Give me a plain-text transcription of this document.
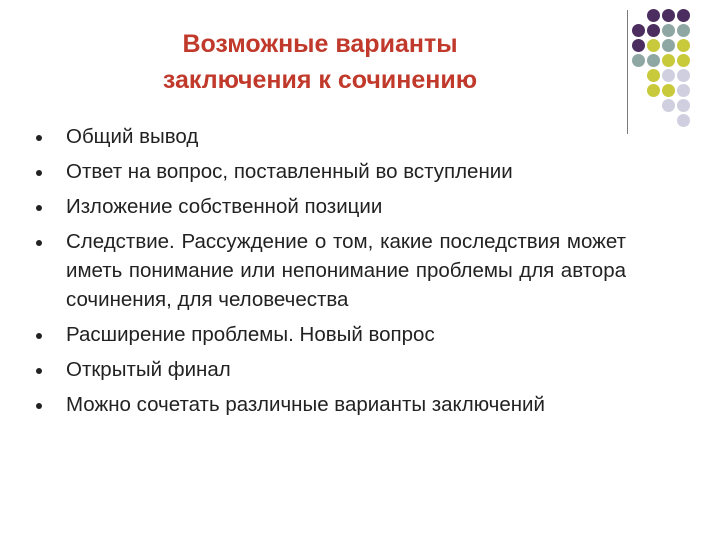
Возможные варианты
заключения к сочинению
Общий вывод
Ответ на вопрос, поставленный во вступлении
Изложение собственной позиции
Следствие. Рассуждение о том, какие последствия может иметь понимание или непонимание проблемы для автора сочинения, для человечества
Расширение проблемы. Новый вопрос
Открытый финал
Можно сочетать различные варианты заключений
